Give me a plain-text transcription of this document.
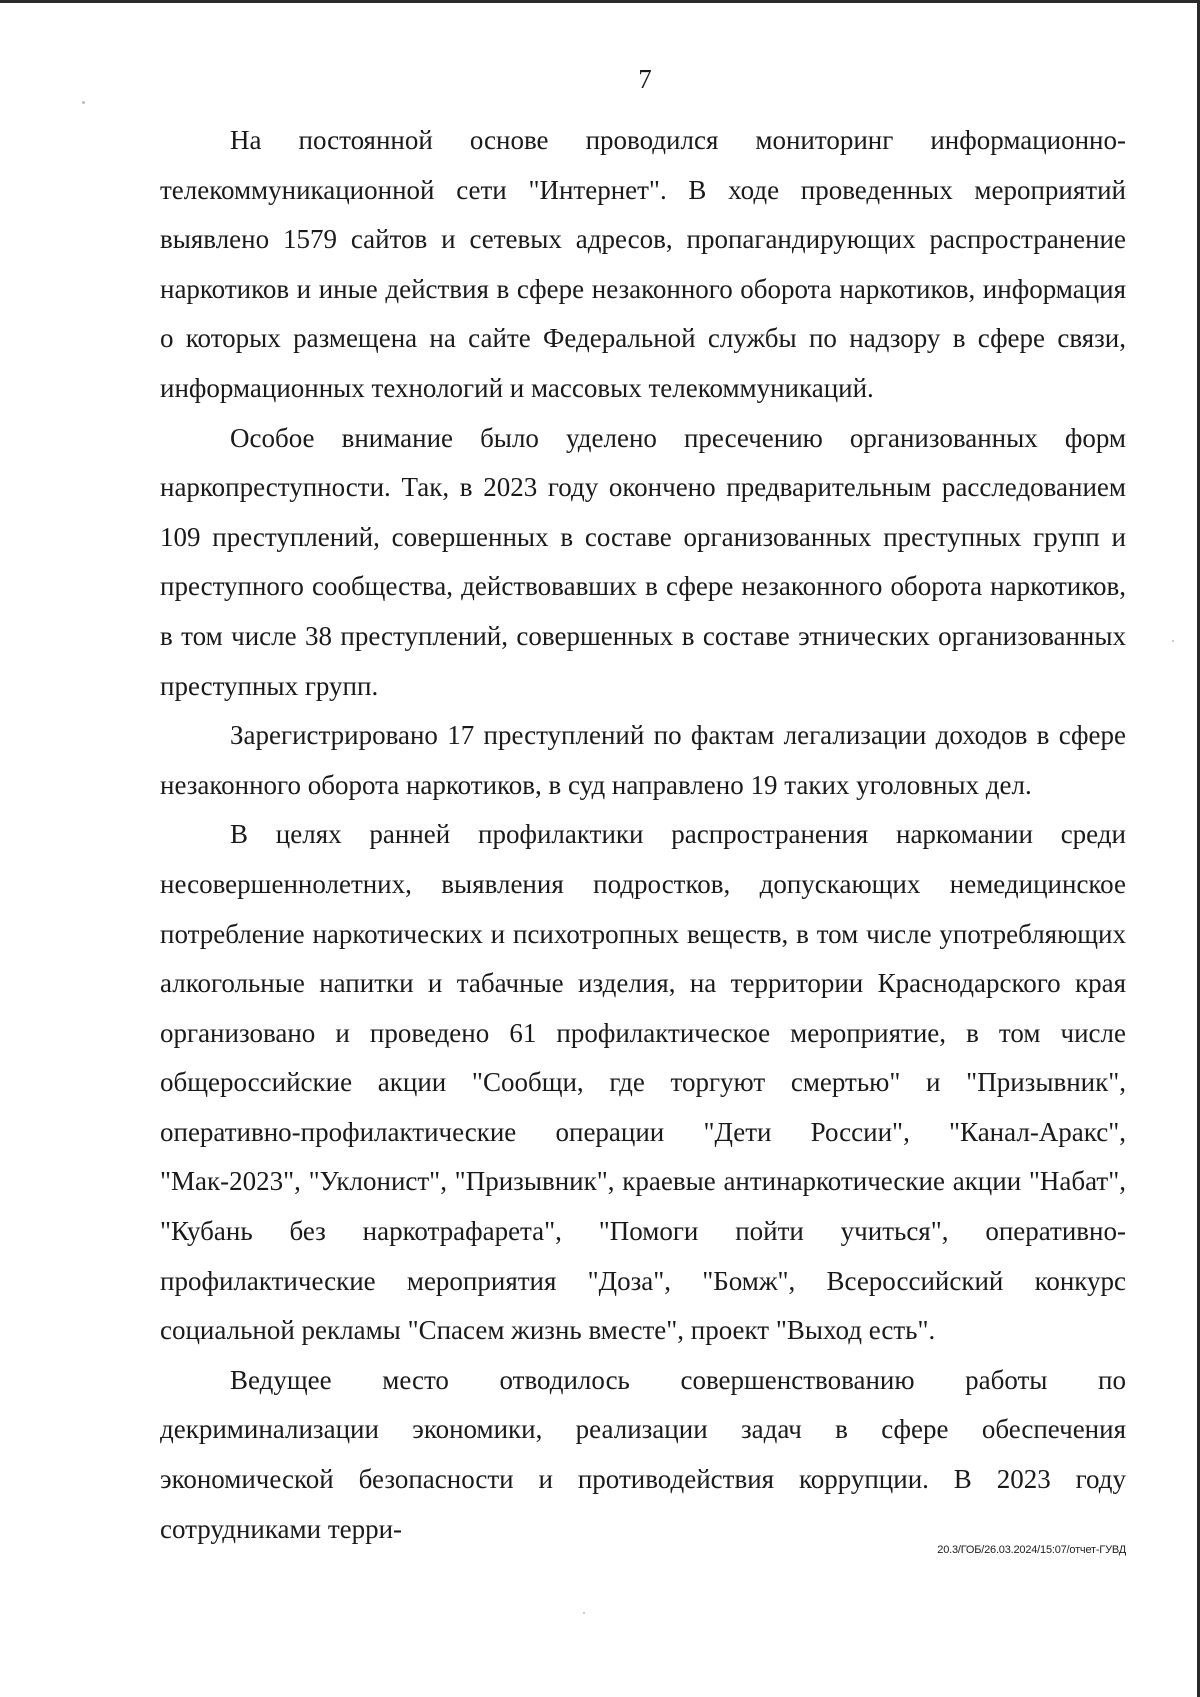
7

На постоянной основе проводился мониторинг информационно-телекоммуникационной сети "Интернет". В ходе проведенных мероприятий выявлено 1579 сайтов и сетевых адресов, пропагандирующих распространение наркотиков и иные действия в сфере незаконного оборота наркотиков, информация о которых размещена на сайте Федеральной службы по надзору в сфере связи, информационных технологий и массовых телекоммуникаций.

Особое внимание было уделено пресечению организованных форм наркопреступности. Так, в 2023 году окончено предварительным расследованием 109 преступлений, совершенных в составе организованных преступных групп и преступного сообщества, действовавших в сфере незаконного оборота наркотиков, в том числе 38 преступлений, совершенных в составе этнических организованных преступных групп.

Зарегистрировано 17 преступлений по фактам легализации доходов в сфере незаконного оборота наркотиков, в суд направлено 19 таких уголовных дел.

В целях ранней профилактики распространения наркомании среди несовершеннолетних, выявления подростков, допускающих немедицинское потребление наркотических и психотропных веществ, в том числе употребляющих алкогольные напитки и табачные изделия, на территории Краснодарского края организовано и проведено 61 профилактическое мероприятие, в том числе общероссийские акции "Сообщи, где торгуют смертью" и "Призывник", оперативно-профилактические операции "Дети России", "Канал-Аракс", "Мак-2023", "Уклонист", "Призывник", краевые антинаркотические акции "Набат", "Кубань без наркотрафарета", "Помоги пойти учиться", оперативно-профилактические мероприятия "Доза", "Бомж", Всероссийский конкурс социальной рекламы "Спасем жизнь вместе", проект "Выход есть".

Ведущее место отводилось совершенствованию работы по декриминализации экономики, реализации задач в сфере обеспечения экономической безопасности и противодействия коррупции. В 2023 году сотрудниками терри-

20.3/ГОБ/26.03.2024/15:07/отчет-ГУВД
